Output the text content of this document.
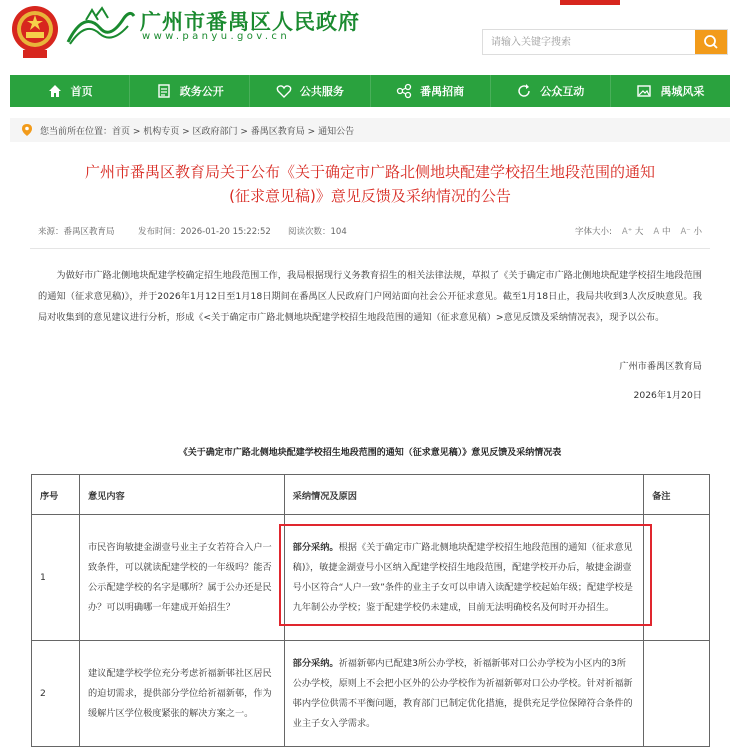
广州市番禺区人民政府
www.panyu.gov.cn
请输入关键字搜索
首页	政务公开	公共服务	番禺招商	公众互动	禺城风采
您当前所在位置： 首页 > 机构专页 > 区政府部门 > 番禺区教育局 > 通知公告
广州市番禺区教育局关于公布《关于确定市广路北侧地块配建学校招生地段范围的通知
(征求意见稿)》意见反馈及采纳情况的公告
来源：番禺区教育局	发布时间：2026-01-20 15:22:52 阅读次数：104	字体大小: A⁺ 大 A 中 A⁻ 小
为做好市广路北侧地块配建学校确定招生地段范围工作，我局根据现行义务教育招生的相关法律法规，草拟了《关于确定市广路北侧地块配建学校招生地段范围的通知（征求意见稿)》，并于2026年1月12日至1月18日期间在番禺区人民政府门户网站面向社会公开征求意见。截至1月18日止，我局共收到3人次反映意见。我局对收集到的意见建议进行分析，形成《<关于确定市广路北侧地块配建学校招生地段范围的通知（征求意见稿）>意见反馈及采纳情况表》，现予以公布。
广州市番禺区教育局
2026年1月20日
《关于确定市广路北侧地块配建学校招生地段范围的通知（征求意见稿）》意见反馈及采纳情况表
序号	意见内容	采纳情况及原因	备注
1	市民咨询敏捷金湖壹号业主子女若符合入户一致条件，可以就读配建学校的一年级吗？能否公示配建学校的名字是哪所？属于公办还是民办？可以明确哪一年建成开始招生？	部分采纳。根据《关于确定市广路北侧地块配建学校招生地段范围的通知（征求意见稿)》，敏捷金湖壹号小区纳入配建学校招生地段范围，配建学校开办后，敏捷金湖壹号小区符合“人户一致”条件的业主子女可以申请入读配建学校起始年级；配建学校是九年制公办学校；鉴于配建学校仍未建成，目前无法明确校名及何时开办招生。	
2	建议配建学校学位充分考虑祈福新邨社区居民的迫切需求，提供部分学位给祈福新邨，作为缓解片区学位极度紧张的解决方案之一。	部分采纳。祈福新邨内已配建3所公办学校，祈福新邨对口公办学校为小区内的3所公办学校，原则上不会把小区外的公办学校作为祈福新邨对口公办学校。针对祈福新邨内学位供需不平衡问题，教育部门已制定优化措施，提供充足学位保障符合条件的业主子女入学需求。	
